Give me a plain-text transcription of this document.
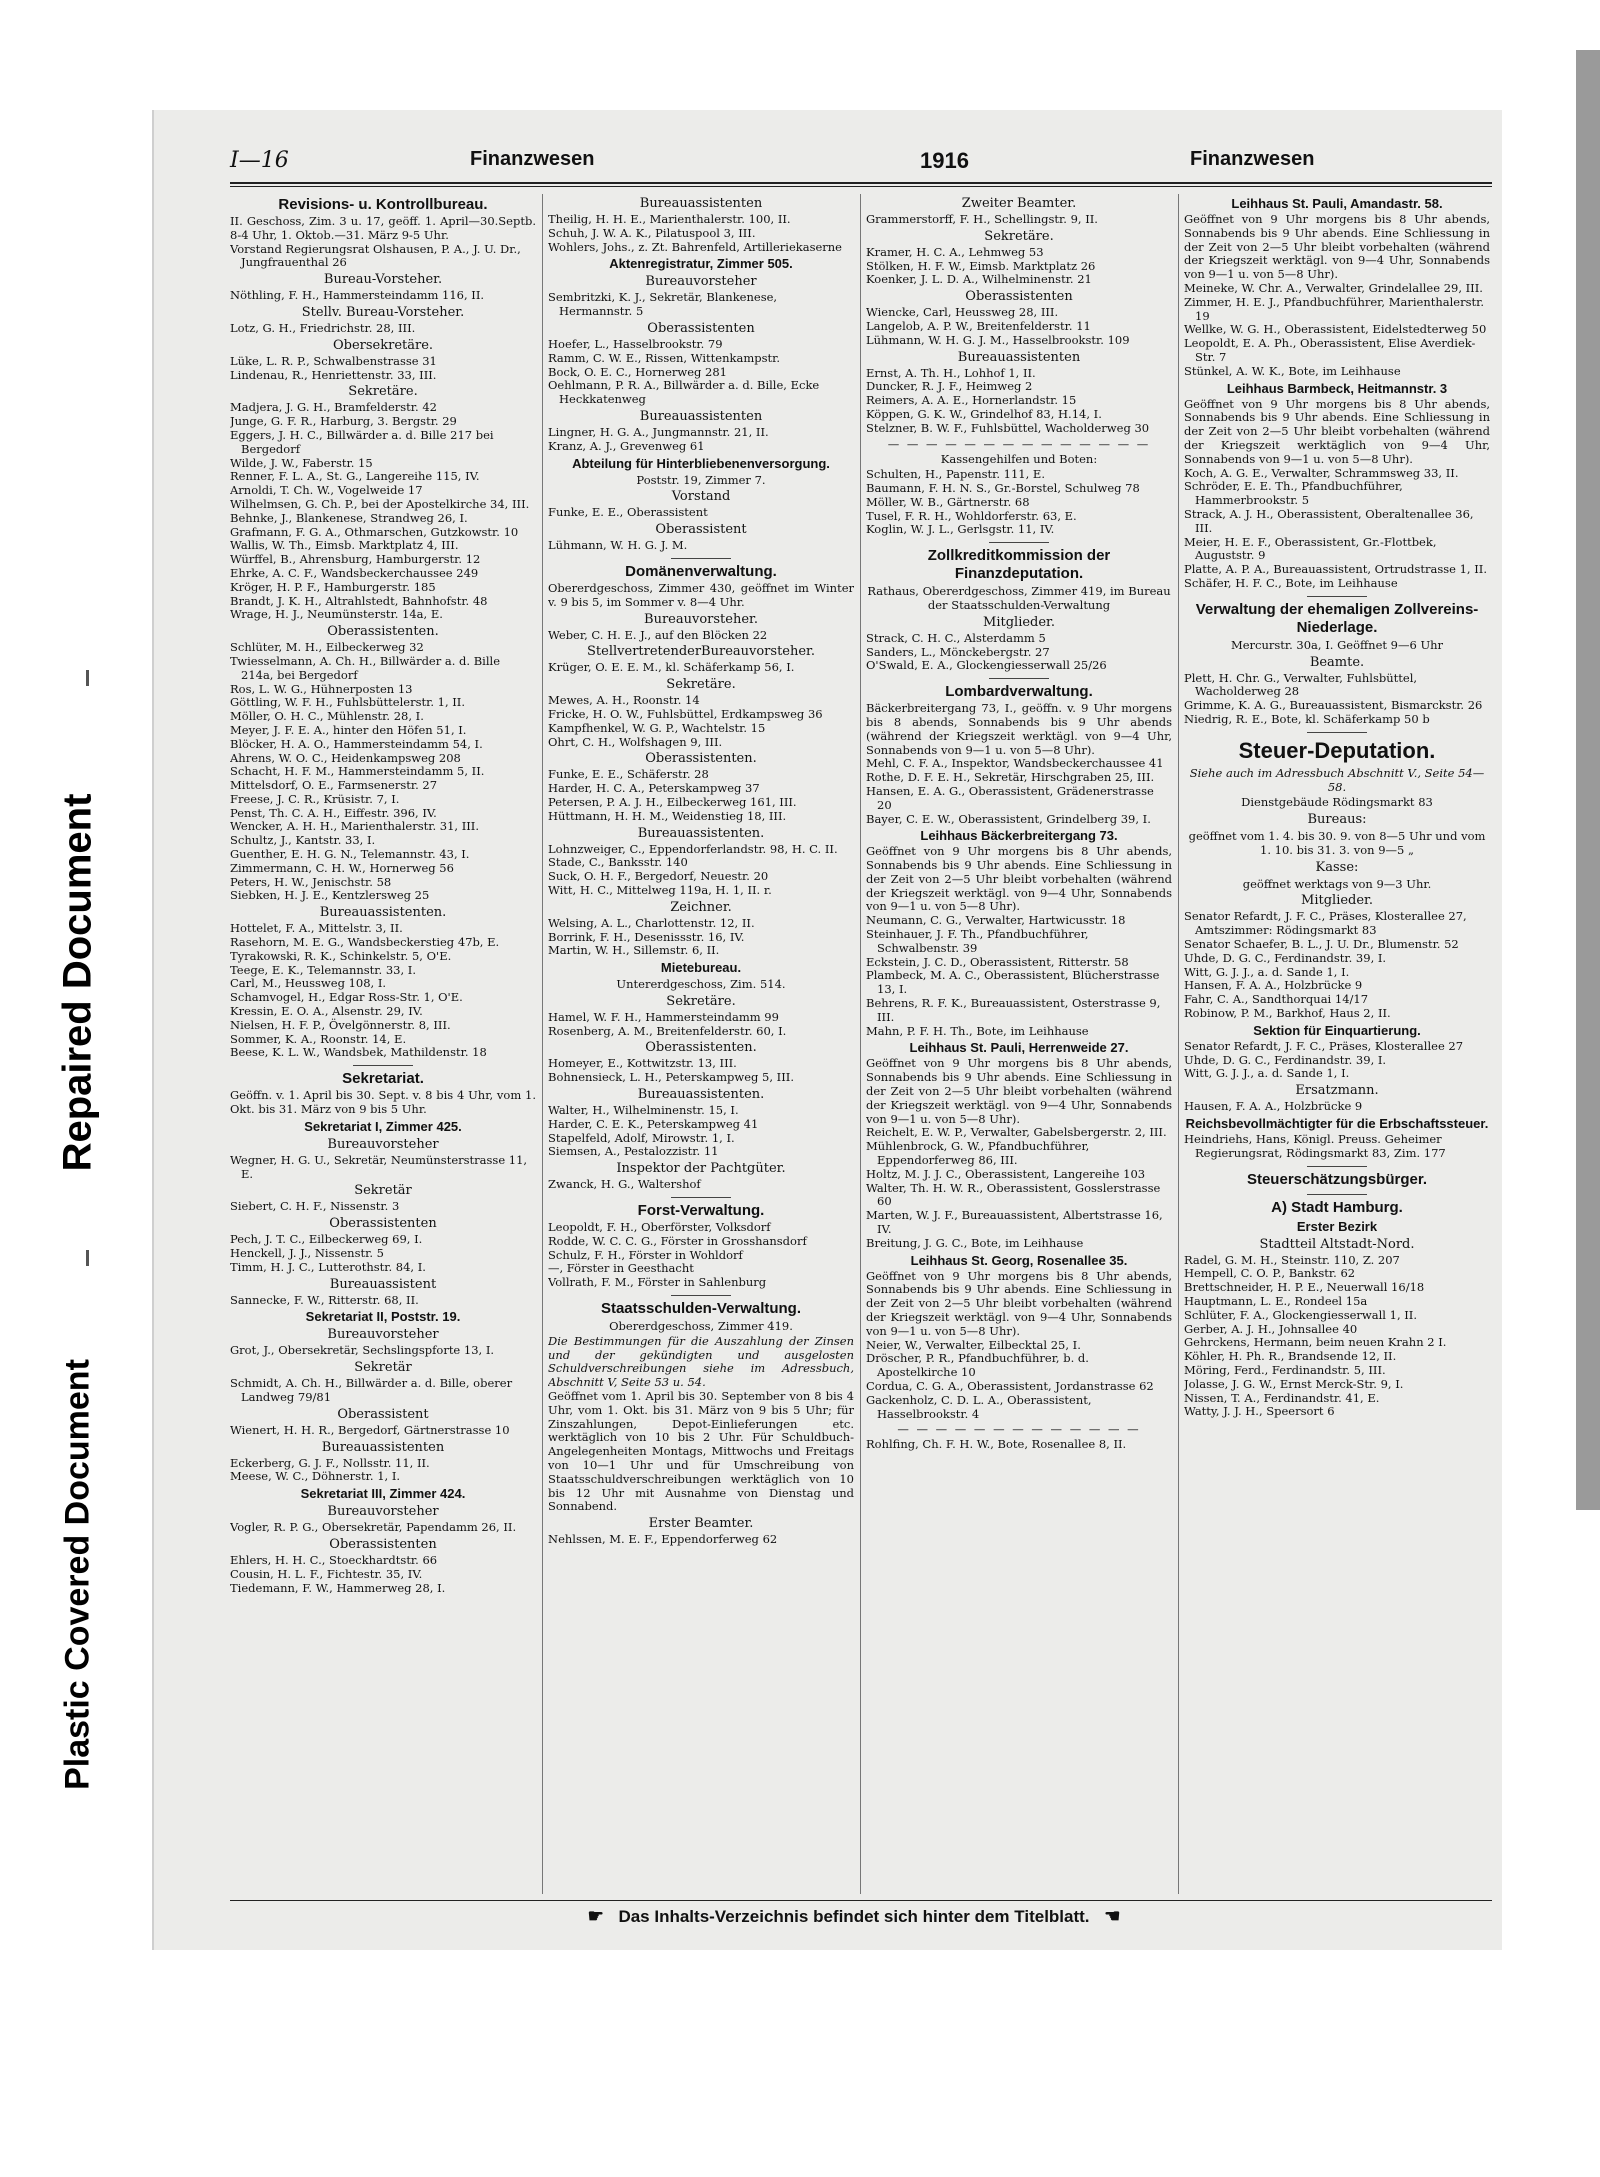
Repaired Document
Plastic Covered Document
I—16	Finanzwesen	1916	Finanzwesen
Revisions- u. Kontrollbureau.
II. Geschoss, Zim. 3 u. 17, geöff. 1. April—30.Septb. 8-4 Uhr, 1. Oktob.—31. März 9-5 Uhr.
Vorstand Regierungsrat Olshausen, P. A., J. U. Dr., Jungfrauenthal 26
Bureau-Vorsteher.
Nöthling, F. H., Hammersteindamm 116, II.
Stellv. Bureau-Vorsteher.
Lotz, G. H., Friedrichstr. 28, III.
Obersekretäre.
Lüke, L. R. P., Schwalbenstrasse 31
Lindenau, R., Henriettenstr. 33, III.
Sekretäre.
Madjera, J. G. H., Bramfelderstr. 42
Junge, G. F. R., Harburg, 3. Bergstr. 29
Eggers, J. H. C., Billwärder a. d. Bille 217 bei Bergedorf
Wilde, J. W., Faberstr. 15
Renner, F. L. A., St. G., Langereihe 115, IV.
Arnoldi, T. Ch. W., Vogelweide 17
Wilhelmsen, G. Ch. P., bei der Apostelkirche 34, III.
Behnke, J., Blankenese, Strandweg 26, I.
Grafmann, F. G. A., Othmarschen, Gutzkowstr. 10
Wallis, W. Th., Eimsb. Marktplatz 4, III.
Würffel, B., Ahrensburg, Hamburgerstr. 12
Ehrke, A. C. F., Wandsbeckerchaussee 249
Kröger, H. P. F., Hamburgerstr. 185
Brandt, J. K. H., Altrahlstedt, Bahnhofstr. 48
Wrage, H. J., Neumünsterstr. 14a, E.
Oberassistenten.
Schlüter, M. H., Eilbeckerweg 32
Twiesselmann, A. Ch. H., Billwärder a. d. Bille 214a, bei Bergedorf
Ros, L. W. G., Hühnerposten 13
Göttling, W. F. H., Fuhlsbüttelerstr. 1, II.
Möller, O. H. C., Mühlenstr. 28, I.
Meyer, J. F. E. A., hinter den Höfen 51, I.
Blöcker, H. A. O., Hammersteindamm 54, I.
Ahrens, W. O. C., Heidenkampsweg 208
Schacht, H. F. M., Hammersteindamm 5, II.
Mittelsdorf, O. E., Farmsenerstr. 27
Freese, J. C. R., Krüsistr. 7, I.
Penst, Th. C. A. H., Eiffestr. 396, IV.
Wencker, A. H. H., Marienthalerstr. 31, III.
Schultz, J., Kantstr. 33, I.
Guenther, E. H. G. N., Telemannstr. 43, I.
Zimmermann, C. H. W., Hornerweg 56
Peters, H. W., Jenischstr. 58
Siebken, H. J. E., Kentzlersweg 25
Bureauassistenten.
Hottelet, F. A., Mittelstr. 3, II.
Rasehorn, M. E. G., Wandsbeckerstieg 47b, E.
Tyrakowski, R. K., Schinkelstr. 5, O'E.
Teege, E. K., Telemannstr. 33, I.
Carl, M., Heussweg 108, I.
Schamvogel, H., Edgar Ross-Str. 1, O'E.
Kressin, E. O. A., Alsenstr. 29, IV.
Nielsen, H. F. P., Övelgönnerstr. 8, III.
Sommer, K. A., Roonstr. 14, E.
Beese, K. L. W., Wandsbek, Mathildenstr. 18
Sekretariat.
Geöffn. v. 1. April bis 30. Sept. v. 8 bis 4 Uhr, vom 1. Okt. bis 31. März von 9 bis 5 Uhr.
Sekretariat I, Zimmer 425.
Bureauvorsteher
Wegner, H. G. U., Sekretär, Neumünsterstrasse 11, E.
Sekretär
Siebert, C. H. F., Nissenstr. 3
Oberassistenten
Pech, J. T. C., Eilbeckerweg 69, I.
Henckell, J. J., Nissenstr. 5
Timm, H. J. C., Lutterothstr. 84, I.
Bureauassistent
Sannecke, F. W., Ritterstr. 68, II.
Sekretariat II, Poststr. 19.
Bureauvorsteher
Grot, J., Obersekretär, Sechslingspforte 13, I.
Sekretär
Schmidt, A. Ch. H., Billwärder a. d. Bille, oberer Landweg 79/81
Oberassistent
Wienert, H. H. R., Bergedorf, Gärtnerstrasse 10
Bureauassistenten
Eckerberg, G. J. F., Nollsstr. 11, II.
Meese, W. C., Döhnerstr. 1, I.
Sekretariat III, Zimmer 424.
Bureauvorsteher
Vogler, R. P. G., Obersekretär, Papendamm 26, II.
Oberassistenten
Ehlers, H. H. C., Stoeckhardtstr. 66
Cousin, H. L. F., Fichtestr. 35, IV.
Tiedemann, F. W., Hammerweg 28, I.
Bureauassistenten
Theilig, H. H. E., Marienthalerstr. 100, II.
Schuh, J. W. A. K., Pilatuspool 3, III.
Wohlers, Johs., z. Zt. Bahrenfeld, Artilleriekaserne
Aktenregistratur, Zimmer 505.
Bureauvorsteher
Sembritzki, K. J., Sekretär, Blankenese, Hermannstr. 5
Oberassistenten
Hoefer, L., Hasselbrookstr. 79
Ramm, C. W. E., Rissen, Wittenkampstr.
Bock, O. E. C., Hornerweg 281
Oehlmann, P. R. A., Billwärder a. d. Bille, Ecke Heckkatenweg
Bureauassistenten
Lingner, H. G. A., Jungmannstr. 21, II.
Kranz, A. J., Grevenweg 61
Abteilung für Hinterbliebenenversorgung.
Poststr. 19, Zimmer 7.
Vorstand
Funke, E. E., Oberassistent
Oberassistent
Lühmann, W. H. G. J. M.
Domänenverwaltung.
Obererdgeschoss, Zimmer 430, geöffnet im Winter v. 9 bis 5, im Sommer v. 8—4 Uhr.
Bureauvorsteher.
Weber, C. H. E. J., auf den Blöcken 22
StellvertretenderBureauvorsteher.
Krüger, O. E. E. M., kl. Schäferkamp 56, I.
Sekretäre.
Mewes, A. H., Roonstr. 14
Fricke, H. O. W., Fuhlsbüttel, Erdkampsweg 36
Kampfhenkel, W. G. P., Wachtelstr. 15
Ohrt, C. H., Wolfshagen 9, III.
Oberassistenten.
Funke, E. E., Schäferstr. 28
Harder, H. C. A., Peterskampweg 37
Petersen, P. A. J. H., Eilbeckerweg 161, III.
Hüttmann, H. H. M., Weidenstieg 18, III.
Bureauassistenten.
Lohnzweiger, C., Eppendorferlandstr. 98, H. C. II.
Stade, C., Banksstr. 140
Suck, O. H. F., Bergedorf, Neuestr. 20
Witt, H. C., Mittelweg 119a, H. 1, II. r.
Zeichner.
Welsing, A. L., Charlottenstr. 12, II.
Borrink, F. H., Desenissstr. 16, IV.
Martin, W. H., Sillemstr. 6, II.
Mietebureau.
Untererdgeschoss, Zim. 514.
Sekretäre.
Hamel, W. F. H., Hammersteindamm 99
Rosenberg, A. M., Breitenfelderstr. 60, I.
Oberassistenten.
Homeyer, E., Kottwitzstr. 13, III.
Bohnensieck, L. H., Peterskampweg 5, III.
Bureauassistenten.
Walter, H., Wilhelminenstr. 15, I.
Harder, C. E. K., Peterskampweg 41
Stapelfeld, Adolf, Mirowstr. 1, I.
Siemsen, A., Pestalozzistr. 11
Inspektor der Pachtgüter.
Zwanck, H. G., Waltershof
Forst-Verwaltung.
Leopoldt, F. H., Oberförster, Volksdorf
Rodde, W. C. C. G., Förster in Grosshansdorf
Schulz, F. H., Förster in Wohldorf
—, Förster in Geesthacht
Vollrath, F. M., Förster in Sahlenburg
Staatsschulden-Verwaltung.
Obererdgeschoss, Zimmer 419.
Die Bestimmungen für die Auszahlung der Zinsen und der gekündigten und ausgelosten Schuldverschreibungen siehe im Adressbuch, Abschnitt V, Seite 53 u. 54.
Geöffnet vom 1. April bis 30. September von 8 bis 4 Uhr, vom 1. Okt. bis 31. März von 9 bis 5 Uhr; für Zinszahlungen, Depot-Einlieferungen etc. werktäglich von 10 bis 2 Uhr. Für Schuldbuch-Angelegenheiten Montags, Mittwochs und Freitags von 10—1 Uhr und für Umschreibung von Staatsschuldverschreibungen werktäglich von 10 bis 12 Uhr mit Ausnahme von Dienstag und Sonnabend.
Erster Beamter.
Nehlssen, M. E. F., Eppendorferweg 62
Zweiter Beamter.
Grammerstorff, F. H., Schellingstr. 9, II.
Sekretäre.
Kramer, H. C. A., Lehmweg 53
Stölken, H. F. W., Eimsb. Marktplatz 26
Koenker, J. L. D. A., Wilhelminenstr. 21
Oberassistenten
Wiencke, Carl, Heussweg 28, III.
Langelob, A. P. W., Breitenfelderstr. 11
Lühmann, W. H. G. J. M., Hasselbrookstr. 109
Bureauassistenten
Ernst, A. Th. H., Lohhof 1, II.
Duncker, R. J. F., Heimweg 2
Reimers, A. A. E., Hornerlandstr. 15
Köppen, G. K. W., Grindelhof 83, H.14, I.
Stelzner, B. W. F., Fuhlsbüttel, Wacholderweg 30
— — — — — — — — — — — — — —
Kassengehilfen und Boten:
Schulten, H., Papenstr. 111, E.
Baumann, F. H. N. S., Gr.-Borstel, Schulweg 78
Möller, W. B., Gärtnerstr. 68
Tusel, F. R. H., Wohldorferstr. 63, E.
Koglin, W. J. L., Gerlsgstr. 11, IV.
Zollkreditkommission der Finanzdeputation.
Rathaus, Obererdgeschoss, Zimmer 419, im Bureau der Staatsschulden-Verwaltung
Mitglieder.
Strack, C. H. C., Alsterdamm 5
Sanders, L., Mönckebergstr. 27
O'Swald, E. A., Glockengiesserwall 25/26
Lombardverwaltung.
Bäckerbreitergang 73, I., geöffn. v. 9 Uhr morgens bis 8 abends, Sonnabends bis 9 Uhr abends (während der Kriegszeit werktägl. von 9—4 Uhr, Sonnabends von 9—1 u. von 5—8 Uhr).
Mehl, C. F. A., Inspektor, Wandsbeckerchaussee 41
Rothe, D. F. E. H., Sekretär, Hirschgraben 25, III.
Hansen, E. A. G., Oberassistent, Grädenerstrasse 20
Bayer, C. E. W., Oberassistent, Grindelberg 39, I.
Leihhaus Bäckerbreitergang 73.
Geöffnet von 9 Uhr morgens bis 8 Uhr abends, Sonnabends bis 9 Uhr abends. Eine Schliessung in der Zeit von 2—5 Uhr bleibt vorbehalten (während der Kriegszeit werktägl. von 9—4 Uhr, Sonnabends von 9—1 u. von 5—8 Uhr).
Neumann, C. G., Verwalter, Hartwicusstr. 18
Steinhauer, J. F. Th., Pfandbuchführer, Schwalbenstr. 39
Eckstein, J. C. D., Oberassistent, Ritterstr. 58
Plambeck, M. A. C., Oberassistent, Blücherstrasse 13, I.
Behrens, R. F. K., Bureauassistent, Osterstrasse 9, III.
Mahn, P. F. H. Th., Bote, im Leihhause
Leihhaus St. Pauli, Herrenweide 27.
Geöffnet von 9 Uhr morgens bis 8 Uhr abends, Sonnabends bis 9 Uhr abends. Eine Schliessung in der Zeit von 2—5 Uhr bleibt vorbehalten (während der Kriegszeit werktägl. von 9—4 Uhr, Sonnabends von 9—1 u. von 5—8 Uhr).
Reichelt, E. W. P., Verwalter, Gabelsbergerstr. 2, III.
Mühlenbrock, G. W., Pfandbuchführer, Eppendorferweg 86, III.
Holtz, M. J. J. C., Oberassistent, Langereihe 103
Walter, Th. H. W. R., Oberassistent, Gosslerstrasse 60
Marten, W. J. F., Bureauassistent, Albertstrasse 16, IV.
Breitung, J. G. C., Bote, im Leihhause
Leihhaus St. Georg, Rosenallee 35.
Geöffnet von 9 Uhr morgens bis 8 Uhr abends, Sonnabends bis 9 Uhr abends. Eine Schliessung in der Zeit von 2—5 Uhr bleibt vorbehalten (während der Kriegszeit werktägl. von 9—4 Uhr, Sonnabends von 9—1 u. von 5—8 Uhr).
Neier, W., Verwalter, Eilbecktal 25, I.
Dröscher, P. R., Pfandbuchführer, b. d. Apostelkirche 10
Cordua, C. G. A., Oberassistent, Jordanstrasse 62
Gackenholz, C. D. L. A., Oberassistent, Hasselbrookstr. 4
— — — — — — — — — — — — —
Rohlfing, Ch. F. H. W., Bote, Rosenallee 8, II.
Leihhaus St. Pauli, Amandastr. 58.
Geöffnet von 9 Uhr morgens bis 8 Uhr abends, Sonnabends bis 9 Uhr abends. Eine Schliessung in der Zeit von 2—5 Uhr bleibt vorbehalten (während der Kriegszeit werktägl. von 9—4 Uhr, Sonnabends von 9—1 u. von 5—8 Uhr).
Meineke, W. Chr. A., Verwalter, Grindelallee 29, III.
Zimmer, H. E. J., Pfandbuchführer, Marienthalerstr. 19
Wellke, W. G. H., Oberassistent, Eidelstedterweg 50
Leopoldt, E. A. Ph., Oberassistent, Elise Averdiek-Str. 7
Stünkel, A. W. K., Bote, im Leihhause
Leihhaus Barmbeck, Heitmannstr. 3
Geöffnet von 9 Uhr morgens bis 8 Uhr abends, Sonnabends bis 9 Uhr abends. Eine Schliessung in der Zeit von 2—5 Uhr bleibt vorbehalten (während der Kriegszeit werktäglich von 9—4 Uhr, Sonnabends von 9—1 u. von 5—8 Uhr).
Koch, A. G. E., Verwalter, Schrammsweg 33, II.
Schröder, E. E. Th., Pfandbuchführer, Hammerbrookstr. 5
Strack, A. J. H., Oberassistent, Oberaltenallee 36, III.
Meier, H. E. F., Oberassistent, Gr.-Flottbek, Auguststr. 9
Platte, A. P. A., Bureauassistent, Ortrudstrasse 1, II.
Schäfer, H. F. C., Bote, im Leihhause
Verwaltung der ehemaligen Zollvereins-Niederlage.
Mercurstr. 30a, I. Geöffnet 9—6 Uhr
Beamte.
Plett, H. Chr. G., Verwalter, Fuhlsbüttel, Wacholderweg 28
Grimme, K. A. G., Bureauassistent, Bismarckstr. 26
Niedrig, R. E., Bote, kl. Schäferkamp 50 b
Steuer-Deputation.
Siehe auch im Adressbuch Abschnitt V., Seite 54—58.
Dienstgebäude Rödingsmarkt 83
Bureaus:
geöffnet vom 1. 4. bis 30. 9. von 8—5 Uhr und vom 1. 10. bis 31. 3. von 9—5 „
Kasse:
geöffnet werktags von 9—3 Uhr.
Mitglieder.
Senator Refardt, J. F. C., Präses, Klosterallee 27, Amtszimmer: Rödingsmarkt 83
Senator Schaefer, B. L., J. U. Dr., Blumenstr. 52
Uhde, D. G. C., Ferdinandstr. 39, I.
Witt, G. J. J., a. d. Sande 1, I.
Hansen, F. A. A., Holzbrücke 9
Fahr, C. A., Sandthorquai 14/17
Robinow, P. M., Barkhof, Haus 2, II.
Sektion für Einquartierung.
Senator Refardt, J. F. C., Präses, Klosterallee 27
Uhde, D. G. C., Ferdinandstr. 39, I.
Witt, G. J. J., a. d. Sande 1, I.
Ersatzmann.
Hausen, F. A. A., Holzbrücke 9
Reichsbevollmächtigter für die Erbschaftssteuer.
Heindriehs, Hans, Königl. Preuss. Geheimer Regierungsrat, Rödingsmarkt 83, Zim. 177
Steuerschätzungsbürger.
A) Stadt Hamburg.
Erster Bezirk
Stadtteil Altstadt-Nord.
Radel, G. M. H., Steinstr. 110, Z. 207
Hempell, C. O. P., Bankstr. 62
Brettschneider, H. P. E., Neuerwall 16/18
Hauptmann, L. E., Rondeel 15a
Schlüter, F. A., Glockengiesserwall 1, II.
Gerber, A. J. H., Johnsallee 40
Gehrckens, Hermann, beim neuen Krahn 2 I.
Köhler, H. Ph. R., Brandsende 12, II.
Möring, Ferd., Ferdinandstr. 5, III.
Jolasse, J. G. W., Ernst Merck-Str. 9, I.
Nissen, T. A., Ferdinandstr. 41, E.
Watty, J. J. H., Speersort 6
☛ Das Inhalts-Verzeichnis befindet sich hinter dem Titelblatt. ☚
